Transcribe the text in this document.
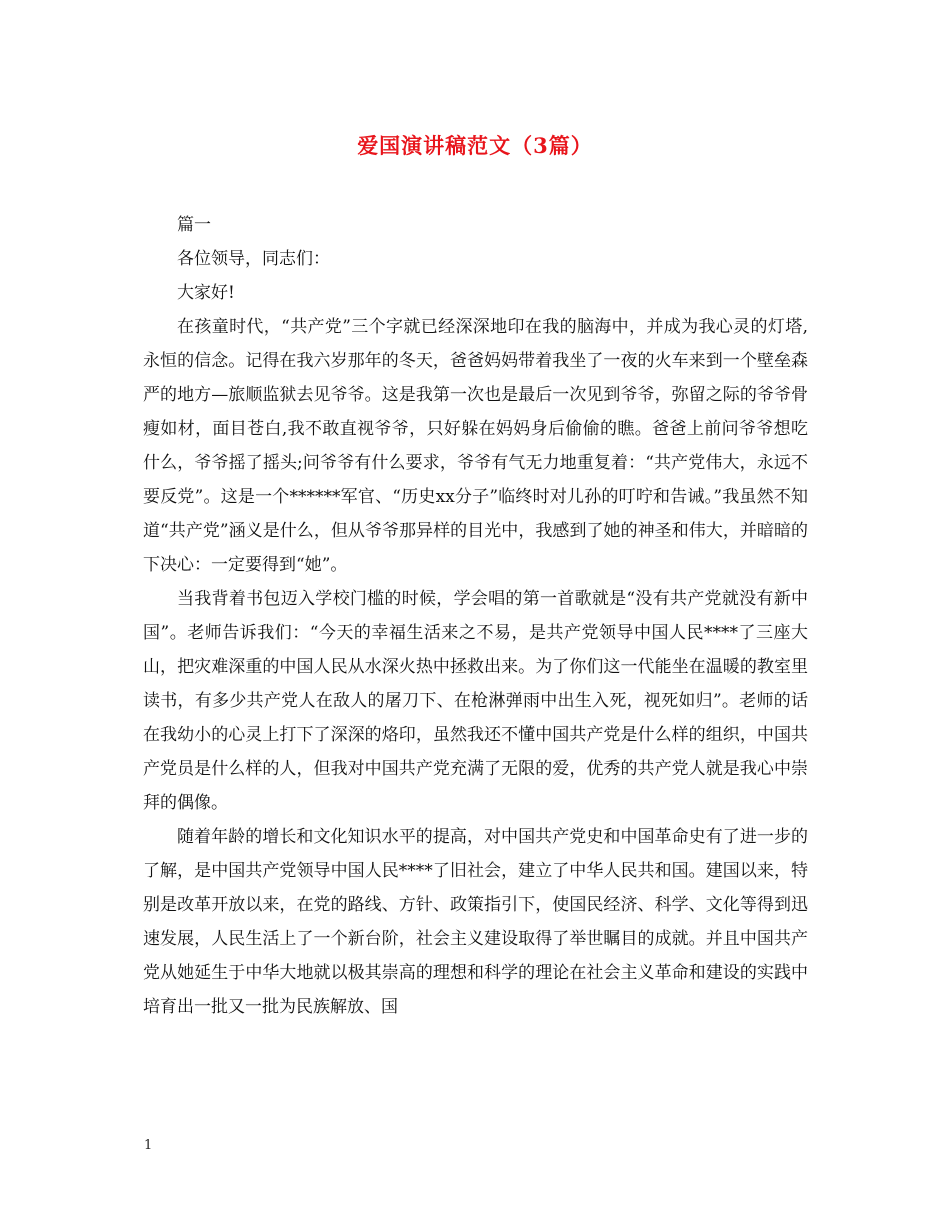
爱国演讲稿范文（3篇）

篇一

各位领导，同志们：

大家好!

在孩童时代，“共产党”三个字就已经深深地印在我的脑海中，并成为我心灵的灯塔,永恒的信念。记得在我六岁那年的冬天，爸爸妈妈带着我坐了一夜的火车来到一个壁垒森严的地方—旅顺监狱去见爷爷。这是我第一次也是最后一次见到爷爷，弥留之际的爷爷骨瘦如材，面目苍白,我不敢直视爷爷，只好躲在妈妈身后偷偷的瞧。爸爸上前问爷爷想吃什么，爷爷摇了摇头;问爷爷有什么要求，爷爷有气无力地重复着：“共产党伟大，永远不要反党”。这是一个******军官、“历史xx分子”临终时对儿孙的叮咛和告诫。”我虽然不知道“共产党”涵义是什么，但从爷爷那异样的目光中，我感到了她的神圣和伟大，并暗暗的下决心：一定要得到“她”。

当我背着书包迈入学校门槛的时候，学会唱的第一首歌就是“没有共产党就没有新中国”。老师告诉我们：“今天的幸福生活来之不易，是共产党领导中国人民****了三座大山，把灾难深重的中国人民从水深火热中拯救出来。为了你们这一代能坐在温暖的教室里读书，有多少共产党人在敌人的屠刀下、在枪淋弹雨中出生入死，视死如归”。老师的话在我幼小的心灵上打下了深深的烙印，虽然我还不懂中国共产党是什么样的组织，中国共产党员是什么样的人，但我对中国共产党充满了无限的爱，优秀的共产党人就是我心中崇拜的偶像。

随着年龄的增长和文化知识水平的提高，对中国共产党史和中国革命史有了进一步的了解，是中国共产党领导中国人民****了旧社会，建立了中华人民共和国。建国以来，特别是改革开放以来，在党的路线、方针、政策指引下，使国民经济、科学、文化等得到迅速发展，人民生活上了一个新台阶，社会主义建设取得了举世瞩目的成就。并且中国共产党从她延生于中华大地就以极其崇高的理想和科学的理论在社会主义革命和建设的实践中培育出一批又一批为民族解放、国

1
